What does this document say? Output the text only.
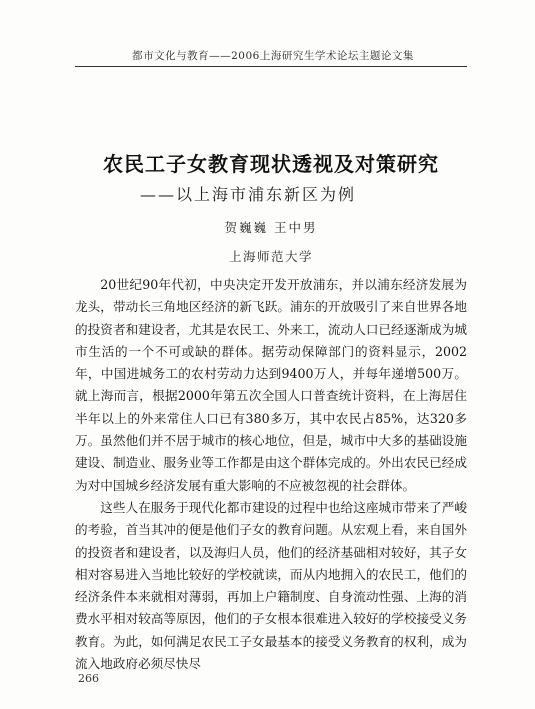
都市文化与教育——2006上海研究生学术论坛主题论文集
农民工子女教育现状透视及对策研究
——以上海市浦东新区为例
贺巍巍 王中男
上海师范大学

20世纪90年代初，中央决定开发开放浦东，并以浦东经济发展为龙头，带动长三角地区经济的新飞跃。浦东的开放吸引了来自世界各地的投资者和建设者，尤其是农民工、外来工，流动人口已经逐渐成为城市生活的一个不可或缺的群体。据劳动保障部门的资料显示，2002年，中国进城务工的农村劳动力达到9400万人，并每年递增500万。就上海而言，根据2000年第五次全国人口普查统计资料，在上海居住半年以上的外来常住人口已有380多万，其中农民占85%，达320多万。虽然他们并不居于城市的核心地位，但是，城市中大多的基础设施建设、制造业、服务业等工作都是由这个群体完成的。外出农民已经成为对中国城乡经济发展有重大影响的不应被忽视的社会群体。

这些人在服务于现代化都市建设的过程中也给这座城市带来了严峻的考验，首当其冲的便是他们子女的教育问题。从宏观上看，来自国外的投资者和建设者，以及海归人员，他们的经济基础相对较好，其子女相对容易进入当地比较好的学校就读，而从内地拥入的农民工，他们的经济条件本来就相对薄弱，再加上户籍制度、自身流动性强、上海的消费水平相对较高等原因，他们的子女根本很难进入较好的学校接受义务教育。为此，如何满足农民工子女最基本的接受义务教育的权利，成为流入地政府必须尽快尽

266
